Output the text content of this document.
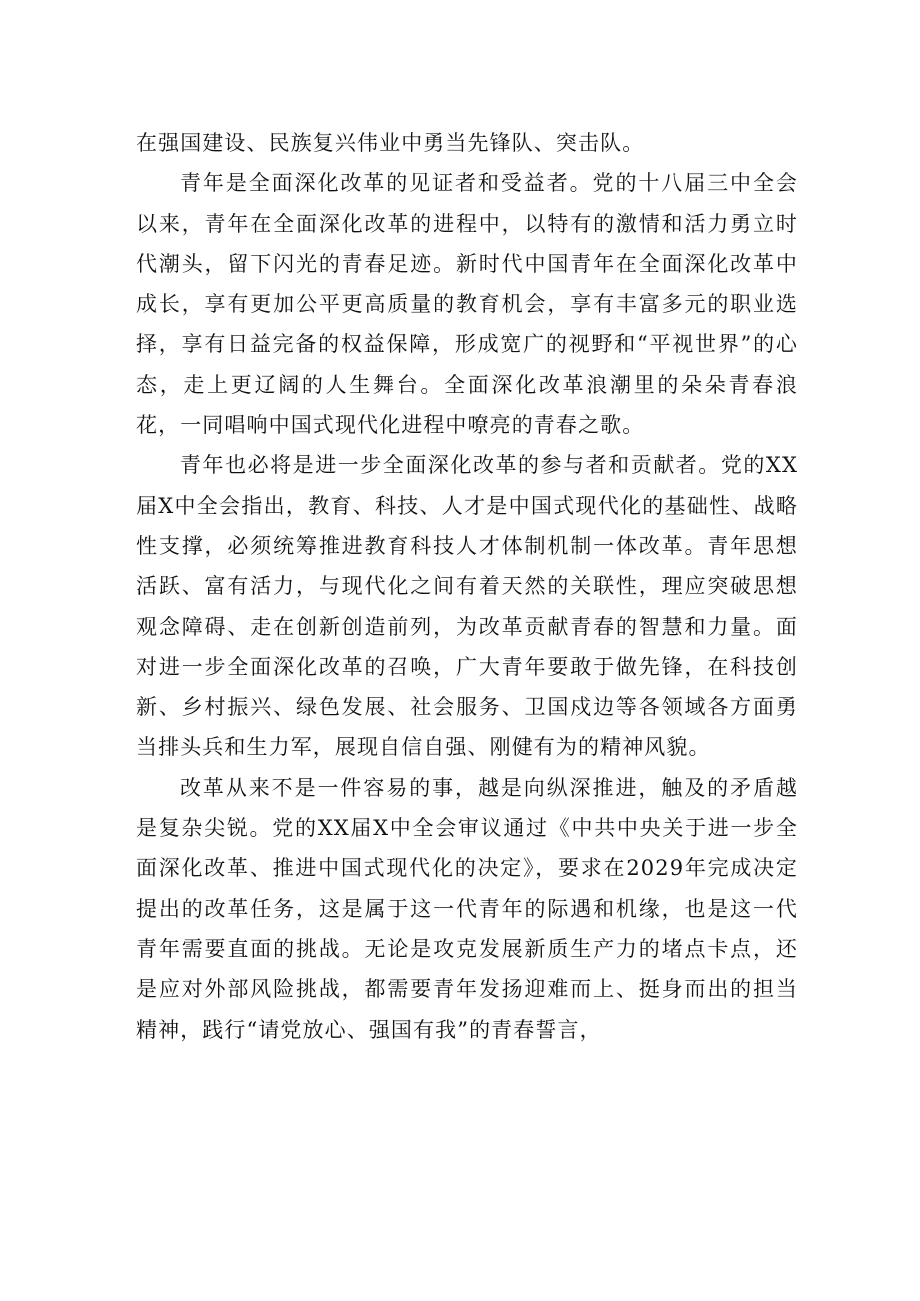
在强国建设、民族复兴伟业中勇当先锋队、突击队。

青年是全面深化改革的见证者和受益者。党的十八届三中全会以来，青年在全面深化改革的进程中，以特有的激情和活力勇立时代潮头，留下闪光的青春足迹。新时代中国青年在全面深化改革中成长，享有更加公平更高质量的教育机会，享有丰富多元的职业选择，享有日益完备的权益保障，形成宽广的视野和“平视世界”的心态，走上更辽阔的人生舞台。全面深化改革浪潮里的朵朵青春浪花，一同唱响中国式现代化进程中嘹亮的青春之歌。

青年也必将是进一步全面深化改革的参与者和贡献者。党的XX届X中全会指出，教育、科技、人才是中国式现代化的基础性、战略性支撑，必须统筹推进教育科技人才体制机制一体改革。青年思想活跃、富有活力，与现代化之间有着天然的关联性，理应突破思想观念障碍、走在创新创造前列，为改革贡献青春的智慧和力量。面对进一步全面深化改革的召唤，广大青年要敢于做先锋，在科技创新、乡村振兴、绿色发展、社会服务、卫国戍边等各领域各方面勇当排头兵和生力军，展现自信自强、刚健有为的精神风貌。

改革从来不是一件容易的事，越是向纵深推进，触及的矛盾越是复杂尖锐。党的XX届X中全会审议通过《中共中央关于进一步全面深化改革、推进中国式现代化的决定》，要求在2029年完成决定提出的改革任务，这是属于这一代青年的际遇和机缘，也是这一代青年需要直面的挑战。无论是攻克发展新质生产力的堵点卡点，还是应对外部风险挑战，都需要青年发扬迎难而上、挺身而出的担当精神，践行“请党放心、强国有我”的青春誓言，
